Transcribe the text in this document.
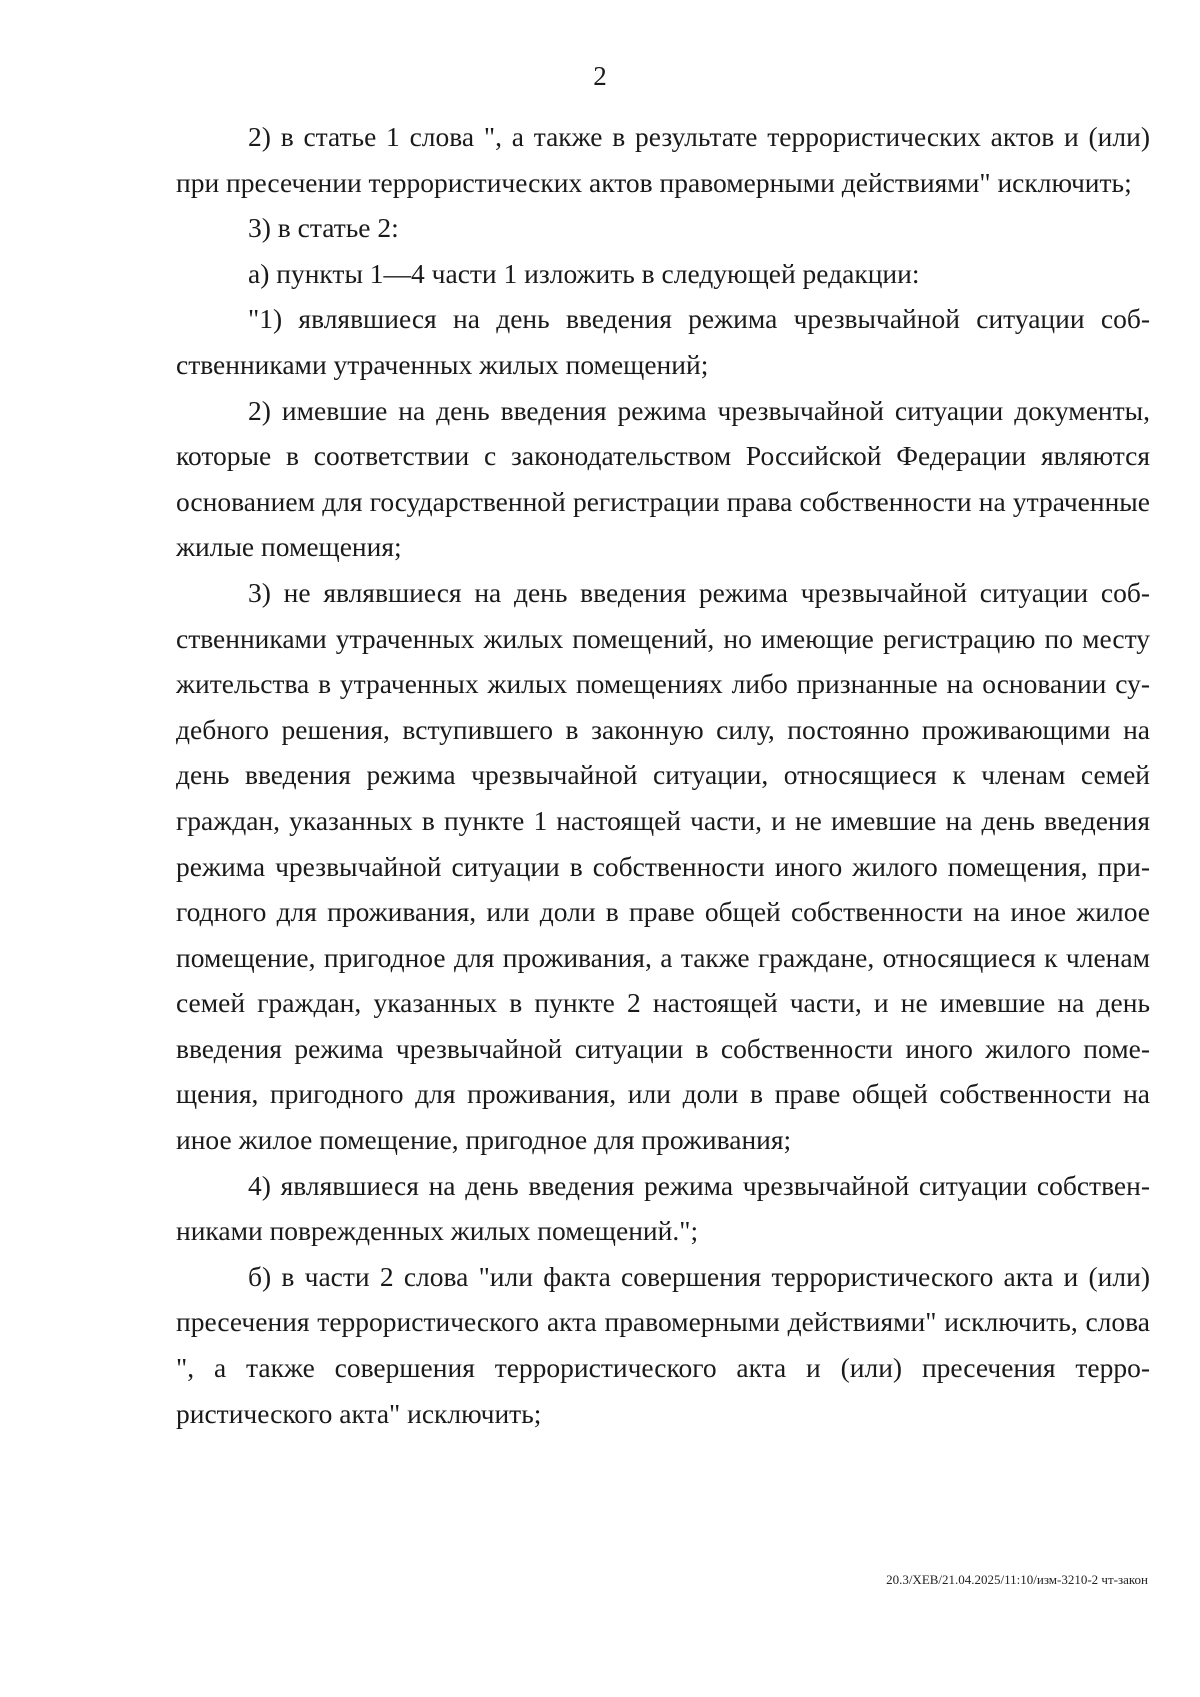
2

2) в статье 1 слова ", а также в результате террористических актов и (или) при пресечении террористических актов правомерными действиями" исключить;

3) в статье 2:

а) пункты 1—4 части 1 изложить в следующей редакции:

"1) являвшиеся на день введения режима чрезвычайной ситуации собственниками утраченных жилых помещений;

2) имевшие на день введения режима чрезвычайной ситуации документы, которые в соответствии с законодательством Российской Федерации являются основанием для государственной регистрации права собственности на утраченные жилые помещения;

3) не являвшиеся на день введения режима чрезвычайной ситуации собственниками утраченных жилых помещений, но имеющие регистрацию по месту жительства в утраченных жилых помещениях либо признанные на основании судебного решения, вступившего в законную силу, постоянно проживающими на день введения режима чрезвычайной ситуации, относящиеся к членам семей граждан, указанных в пункте 1 настоящей части, и не имевшие на день введения режима чрезвычайной ситуации в собственности иного жилого помещения, пригодного для проживания, или доли в праве общей собственности на иное жилое помещение, пригодное для проживания, а также граждане, относящиеся к членам семей граждан, указанных в пункте 2 настоящей части, и не имевшие на день введения режима чрезвычайной ситуации в собственности иного жилого помещения, пригодного для проживания, или доли в праве общей собственности на иное жилое помещение, пригодное для проживания;

4) являвшиеся на день введения режима чрезвычайной ситуации собственниками поврежденных жилых помещений.";

б) в части 2 слова "или факта совершения террористического акта и (или) пресечения террористического акта правомерными действиями" исключить, слова ", а также совершения террористического акта и (или) пресечения террористического акта" исключить;

20.3/ХЕВ/21.04.2025/11:10/изм-3210-2 чт-закон
